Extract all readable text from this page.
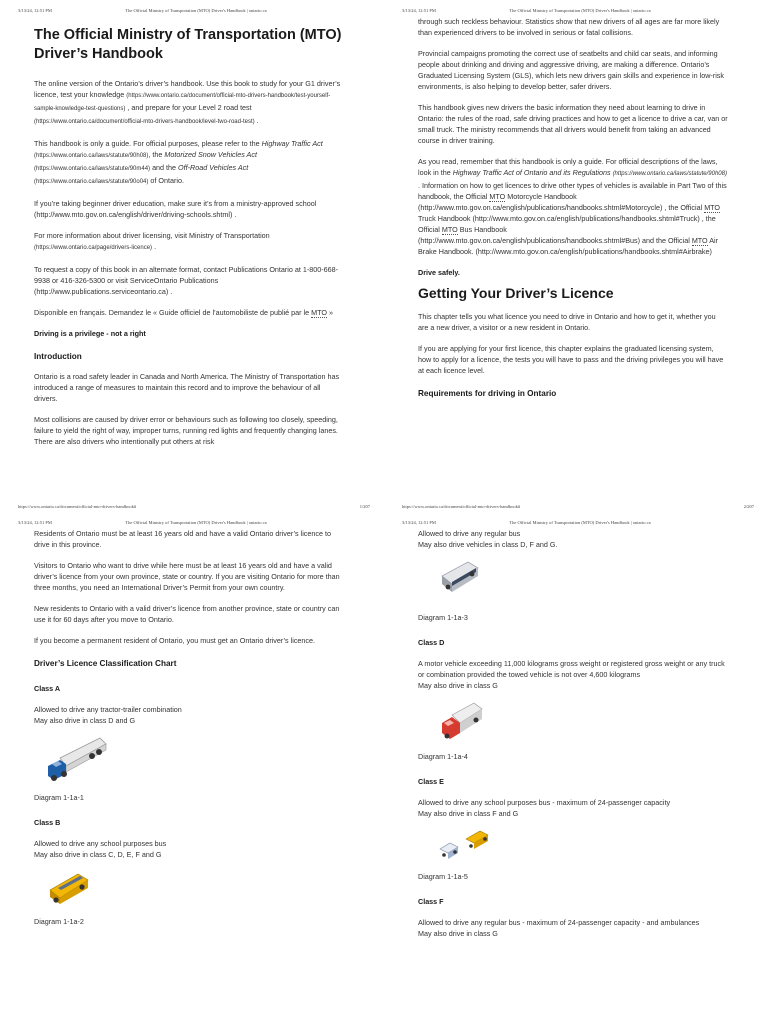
3/13/24, 12:51 PM	The Official Ministry of Transportation (MTO) Driver's Handbook | ontario.ca
The Official Ministry of Transportation (MTO) Driver’s Handbook

The online version of the Ontario’s driver’s handbook. Use this book to study for your G1 driver’s licence, test your knowledge (https://www.ontario.ca/document/official-mto-drivers-handbook/test-yourself-sample-knowledge-test-questions) , and prepare for your Level 2 road test (https://www.ontario.ca/document/official-mto-drivers-handbook/level-two-road-test) .

This handbook is only a guide. For official purposes, please refer to the Highway Traffic Act (https://www.ontario.ca/laws/statute/90h08), the Motorized Snow Vehicles Act (https://www.ontario.ca/laws/statute/90m44) and the Off-Road Vehicles Act (https://www.ontario.ca/laws/statute/90o04) of Ontario.

If you’re taking beginner driver education, make sure it’s from a ministry-approved school (http://www.mto.gov.on.ca/english/driver/driving-schools.shtml) .

For more information about driver licensing, visit Ministry of Transportation (https://www.ontario.ca/page/drivers-licence) .

To request a copy of this book in an alternate format, contact Publications Ontario at 1-800-668-9938 or 416-326-5300 or visit ServiceOntario Publications (http://www.publications.serviceontario.ca) .

Disponible en français. Demandez le « Guide officiel de l’automobiliste de publié par le MTO »

Driving is a privilege - not a right

Introduction

Ontario is a road safety leader in Canada and North America. The Ministry of Transportation has introduced a range of measures to maintain this record and to improve the behaviour of all drivers.

Most collisions are caused by driver error or behaviours such as following too closely, speeding, failure to yield the right of way, improper turns, running red lights and frequently changing lanes. There are also drivers who intentionally put others at risk

https://www.ontario.ca/document/official-mto-drivers-handbook#	1/207
3/13/24, 12:51 PM	The Official Ministry of Transportation (MTO) Driver's Handbook | ontario.ca

through such reckless behaviour. Statistics show that new drivers of all ages are far more likely than experienced drivers to be involved in serious or fatal collisions.

Provincial campaigns promoting the correct use of seatbelts and child car seats, and informing people about drinking and driving and aggressive driving, are making a difference. Ontario’s Graduated Licensing System (GLS), which lets new drivers gain skills and experience in low-risk environments, is also helping to develop better, safer drivers.

This handbook gives new drivers the basic information they need about learning to drive in Ontario: the rules of the road, safe driving practices and how to get a licence to drive a car, van or small truck. The ministry recommends that all drivers would benefit from taking an advanced course in driver training.

As you read, remember that this handbook is only a guide. For official descriptions of the laws, look in the Highway Traffic Act of Ontario and its Regulations (https://www.ontario.ca/laws/statute/90h08) . Information on how to get licences to drive other types of vehicles is available in Part Two of this handbook, the Official MTO Motorcycle Handbook (http://www.mto.gov.on.ca/english/publications/handbooks.shtml#Motorcycle) , the Official MTO Truck Handbook (http://www.mto.gov.on.ca/english/publications/handbooks.shtml#Truck) , the Official MTO Bus Handbook (http://www.mto.gov.on.ca/english/publications/handbooks.shtml#Bus) and the Official MTO Air Brake Handbook. (http://www.mto.gov.on.ca/english/publications/handbooks.shtml#Airbrake)

Drive safely.

Getting Your Driver’s Licence

This chapter tells you what licence you need to drive in Ontario and how to get it, whether you are a new driver, a visitor or a new resident in Ontario.

If you are applying for your first licence, this chapter explains the graduated licensing system, how to apply for a licence, the tests you will have to pass and the driving privileges you will have at each licence level.

Requirements for driving in Ontario
https://www.ontario.ca/document/official-mto-drivers-handbook#	2/207
3/13/24, 12:51 PM	The Official Ministry of Transportation (MTO) Driver's Handbook | ontario.ca

Residents of Ontario must be at least 16 years old and have a valid Ontario driver’s licence to drive in this province.

Visitors to Ontario who want to drive while here must be at least 16 years old and have a valid driver’s licence from your own province, state or country. If you are visiting Ontario for more than three months, you need an International Driver’s Permit from your own country.

New residents to Ontario with a valid driver’s licence from another province, state or country can use it for 60 days after you move to Ontario.

If you become a permanent resident of Ontario, you must get an Ontario driver’s licence.

Driver’s Licence Classification Chart
Class A
Allowed to drive any tractor-trailer combination
May also drive in class D and G
Diagram 1-1a-1
Class B
Allowed to drive any school purposes bus
May also drive in class C, D, E, F and G
Diagram 1-1a-2
3/13/24, 12:51 PM	The Official Ministry of Transportation (MTO) Driver's Handbook | ontario.ca
Allowed to drive any regular bus
May also drive vehicles in class D, F and G.
Diagram 1-1a-3
Class D
A motor vehicle exceeding 11,000 kilograms gross weight or registered gross weight or any truck or combination provided the towed vehicle is not over 4,600 kilograms
May also drive in class G
Diagram 1-1a-4
Class E
Allowed to drive any school purposes bus - maximum of 24-passenger capacity
May also drive in class F and G
Diagram 1-1a-5
Class F
Allowed to drive any regular bus - maximum of 24-passenger capacity - and ambulances
May also drive in class G
